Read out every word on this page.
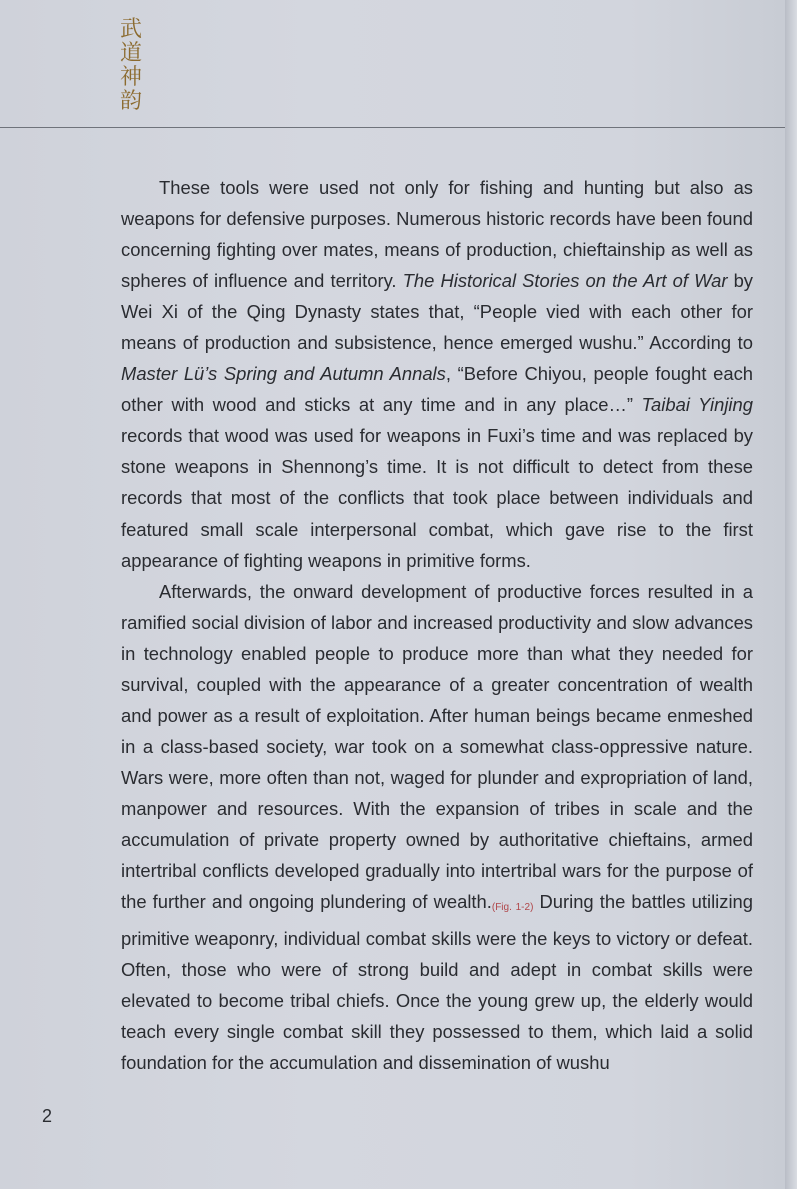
武
道
神
韵

These tools were used not only for fishing and hunting but also as weapons for defensive purposes. Numerous historic records have been found concerning fighting over mates, means of production, chieftainship as well as spheres of influence and territory. The Historical Stories on the Art of War by Wei Xi of the Qing Dynasty states that, “People vied with each other for means of production and subsistence, hence emerged wushu.” According to Master Lü’s Spring and Autumn Annals, “Before Chiyou, people fought each other with wood and sticks at any time and in any place…” Taibai Yinjing records that wood was used for weapons in Fuxi’s time and was replaced by stone weapons in Shennong’s time. It is not difficult to detect from these records that most of the conflicts that took place between individuals and featured small scale interpersonal combat, which gave rise to the first appearance of fighting weapons in primitive forms.

Afterwards, the onward development of productive forces resulted in a ramified social division of labor and increased productivity and slow advances in technology enabled people to produce more than what they needed for survival, coupled with the appearance of a greater concentration of wealth and power as a result of exploitation. After human beings became enmeshed in a class-based society, war took on a somewhat class-oppressive nature. Wars were, more often than not, waged for plunder and expropriation of land, manpower and resources. With the expansion of tribes in scale and the accumulation of private property owned by authoritative chieftains, armed intertribal conflicts developed gradually into intertribal wars for the purpose of the further and ongoing plundering of wealth.(Fig. 1-2) During the battles utilizing primitive weaponry, individual combat skills were the keys to victory or defeat. Often, those who were of strong build and adept in combat skills were elevated to become tribal chiefs. Once the young grew up, the elderly would teach every single combat skill they possessed to them, which laid a solid foundation for the accumulation and dissemination of wushu

2
